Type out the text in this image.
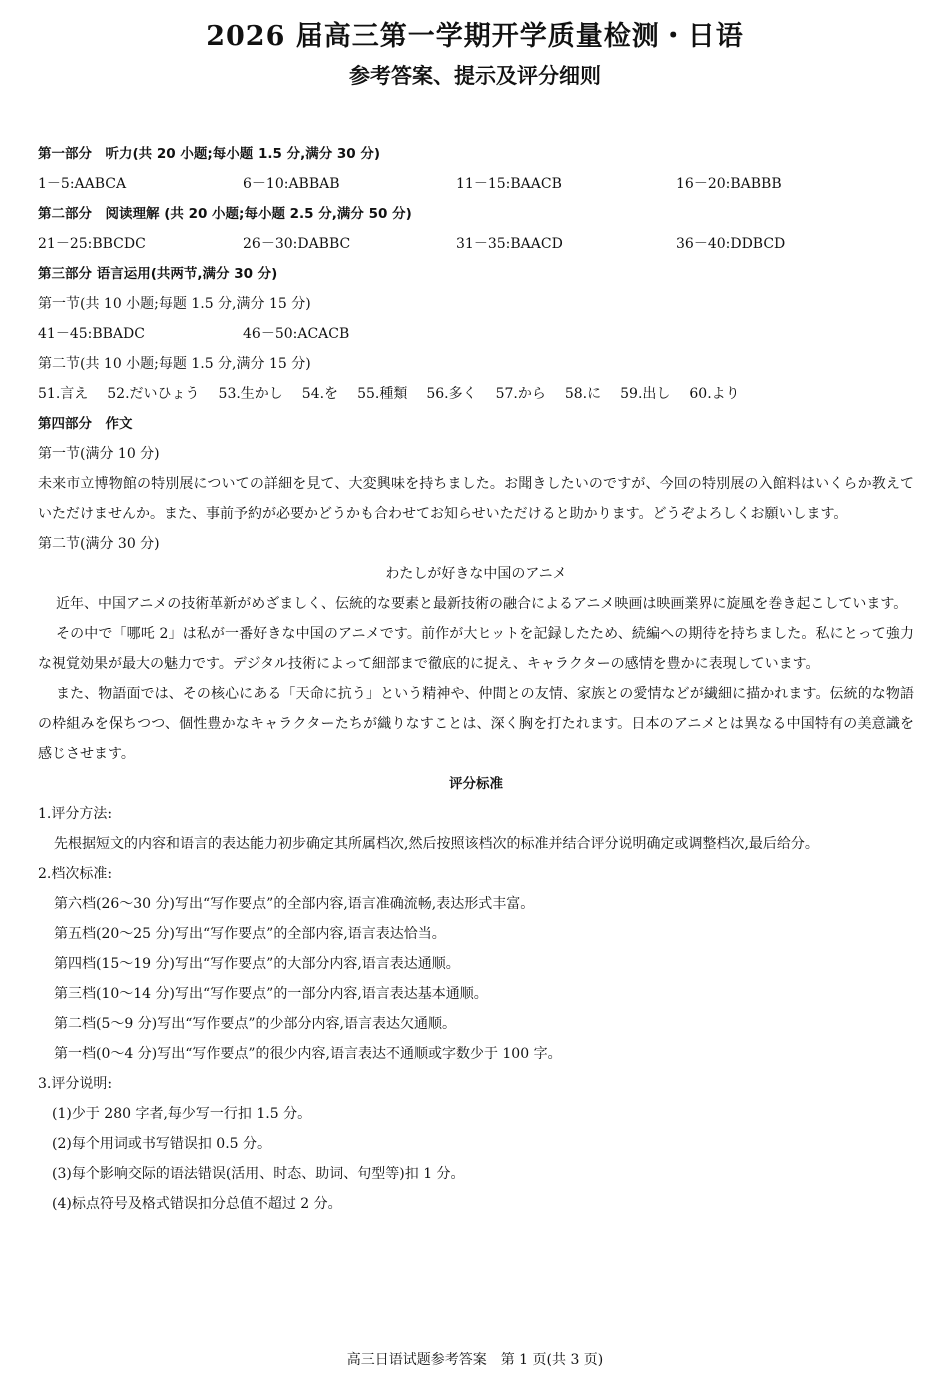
2026 届高三第一学期开学质量检测・日语
参考答案、提示及评分细则
第一部分　听力(共 20 小题;每小题 1.5 分,满分 30 分)
1－5:AABCA	6－10:ABBAB	11－15:BAACB	16－20:BABBB
第二部分　阅读理解 (共 20 小题;每小题 2.5 分,满分 50 分)
21－25:BBCDC	26－30:DABBC	31－35:BAACD	36－40:DDBCD
第三部分 语言运用(共两节,满分 30 分)
第一节(共 10 小题;每题 1.5 分,满分 15 分)
41－45:BBADC	46－50:ACACB
第二节(共 10 小题;每题 1.5 分,满分 15 分)
51.言え 52.だいひょう 53.生かし 54.を 55.種類 56.多く 57.から 58.に 59.出し 60.より
第四部分　作文
第一节(满分 10 分)
未来市立博物館の特別展についての詳細を見て、大変興味を持ちました。お聞きしたいのですが、今回の特別展の入館料はいくらか教えていただけませんか。また、事前予約が必要かどうかも合わせてお知らせいただけると助かります。どうぞよろしくお願いします。
第二节(满分 30 分)
わたしが好きな中国のアニメ
近年、中国アニメの技術革新がめざましく、伝統的な要素と最新技術の融合によるアニメ映画は映画業界に旋風を巻き起こしています。
その中で「哪吒 2」は私が一番好きな中国のアニメです。前作が大ヒットを記録したため、続編への期待を持ちました。私にとって強力な視覚効果が最大の魅力です。デジタル技術によって細部まで徹底的に捉え、キャラクターの感情を豊かに表現しています。
また、物語面では、その核心にある「天命に抗う」という精神や、仲間との友情、家族との愛情などが繊細に描かれます。伝統的な物語の枠組みを保ちつつ、個性豊かなキャラクターたちが織りなすことは、深く胸を打たれます。日本のアニメとは異なる中国特有の美意識を感じさせます。
评分标准
1.评分方法:
先根据短文的内容和语言的表达能力初步确定其所属档次,然后按照该档次的标准并结合评分说明确定或调整档次,最后给分。
2.档次标准:
第六档(26～30 分)写出“写作要点”的全部内容,语言准确流畅,表达形式丰富。
第五档(20～25 分)写出“写作要点”的全部内容,语言表达恰当。
第四档(15～19 分)写出“写作要点”的大部分内容,语言表达通顺。
第三档(10～14 分)写出“写作要点”的一部分内容,语言表达基本通顺。
第二档(5～9 分)写出“写作要点”的少部分内容,语言表达欠通顺。
第一档(0～4 分)写出“写作要点”的很少内容,语言表达不通顺或字数少于 100 字。
3.评分说明:
(1)少于 280 字者,每少写一行扣 1.5 分。
(2)每个用词或书写错误扣 0.5 分。
(3)每个影响交际的语法错误(活用、时态、助词、句型等)扣 1 分。
(4)标点符号及格式错误扣分总值不超过 2 分。
高三日语试题参考答案　第 1 页(共 3 页)
